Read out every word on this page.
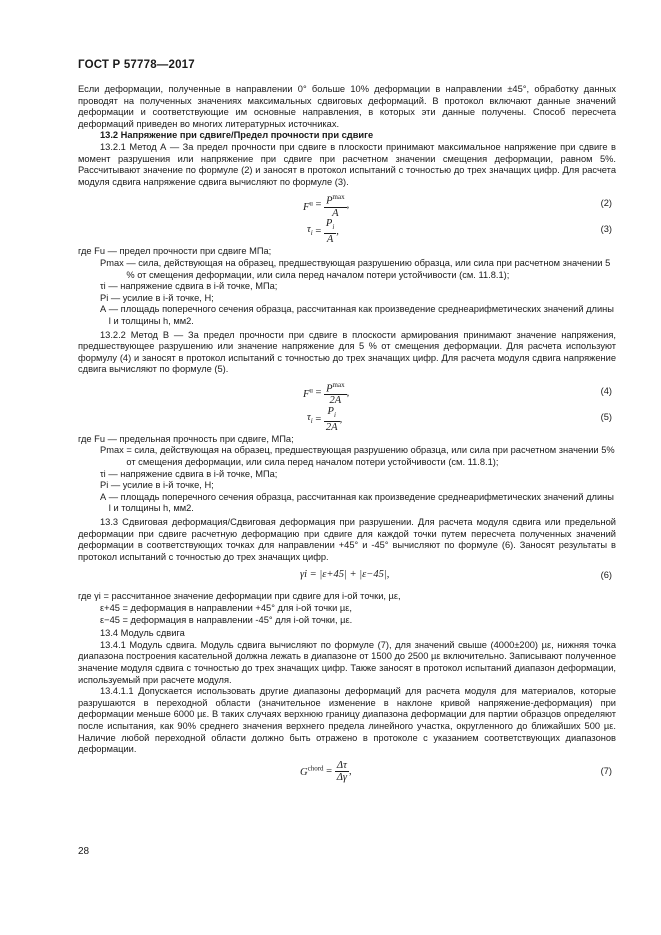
ГОСТ Р 57778—2017

Если деформации, полученные в направлении 0° больше 10% деформации в направлении ±45°, обработку данных проводят на полученных значениях максимальных сдвиговых деформаций. В протокол включают данные значений деформации и соответствующие им основные направления, в которых эти данные получены. Способ пересчета деформаций приведен во многих литературных источниках.

13.2 Напряжение при сдвиге/Предел прочности при сдвиге

13.2.1 Метод А — За предел прочности при сдвиге в плоскости принимают максимальное напряжение при сдвиге в момент разрушения или напряжение при сдвиге при расчетном значении смещения деформации, равном 5%. Рассчитывают значение по формуле (2) и заносят в протокол испытаний с точностью до трех значащих цифр. Для расчета модуля сдвига напряжение сдвига вычисляют по формуле (3).

$F^u = \frac{P^{max}}{A}$ ,	(2)
$\tau_i = \frac{P_i}{A}$ ,	(3)
где Fu
— предел прочности при сдвиге МПа;
Pmax
— сила, действующая на образец, предшествующая разрушению образца, или сила при расчетном значении 5 % от смещения деформации, или сила перед началом потери устойчивости (см. 11.8.1);
τi
— напряжение сдвига в i-й точке, МПа;
Pi
— усилие в i-й точке, Н;
A
— площадь поперечного сечения образца, рассчитанная как произведение среднеарифметических значений длины l и толщины h, мм2.

13.2.2 Метод В — За предел прочности при сдвиге в плоскости армирования принимают значение напряжения, предшествующее разрушению или значение напряжение для 5 % от смещения деформации. Для расчета используют формулу (4) и заносят в протокол испытаний с точностью до трех значащих цифр. Для расчета модуля сдвига напряжение сдвига вычисляют по формуле (5).

$F^u = \frac{P^{max}}{2A}$ ,	(4)
$\tau_i = \frac{P_i}{2A}$ ,	(5)
где Fu
— предельная прочность при сдвиге, МПа;
Pmax
= сила, действующая на образец, предшествующая разрушению образца, или сила при расчетном значении 5% от смещения деформации, или сила перед началом потери устойчивости (см. 11.8.1);
τi
— напряжение сдвига в i-й точке, МПа;
Pi
— усилие в i-й точке, Н;
A
— площадь поперечного сечения образца, рассчитанная как произведение среднеарифметических значений длины l и толщины h, мм2.

13.3 Сдвиговая деформация/Сдвиговая деформация при разрушении. Для расчета модуля сдвига или предельной деформации при сдвиге расчетную деформацию при сдвиге для каждой точки путем пересчета полученных значений деформации в соответствующих точках для направлении +45° и -45° вычисляют по формуле (6). Заносят результаты в протокол испытаний с точностью до трех значащих цифр.

γi = |ε+45| + |ε−45|,	(6)
где γi
= рассчитанное значение деформации при сдвиге для i-ой точки, µε,
ε+45
= деформация в направлении +45° для i-ой точки µε,
ε−45
= деформация в направлении -45° для i-ой точки, µε.

13.4 Модуль сдвига

13.4.1 Модуль сдвига. Модуль сдвига вычисляют по формуле (7), для значений свыше (4000±200) µε, нижняя точка диапазона построения касательной должна лежать в диапазоне от 1500 до 2500 µε включительно. Записывают полученное значение модуля сдвига с точностью до трех значащих цифр. Также заносят в протокол испытаний диапазон деформации, используемый при расчете модуля.

13.4.1.1 Допускается использовать другие диапазоны деформаций для расчета модуля для материалов, которые разрушаются в переходной области (значительное изменение в наклоне кривой напряжение-деформация) при деформации меньше 6000 µε. В таких случаях верхнюю границу диапазона деформации для партии образцов определяют после испытания, как 90% среднего значения верхнего предела линейного участка, округленного до ближайших 500 µε. Наличие любой переходной области должно быть отражено в протоколе с указанием соответствующих диапазонов деформации.

$G^{chord} = \frac{\Delta\tau}{\Delta\gamma}$ ,	(7)
28
